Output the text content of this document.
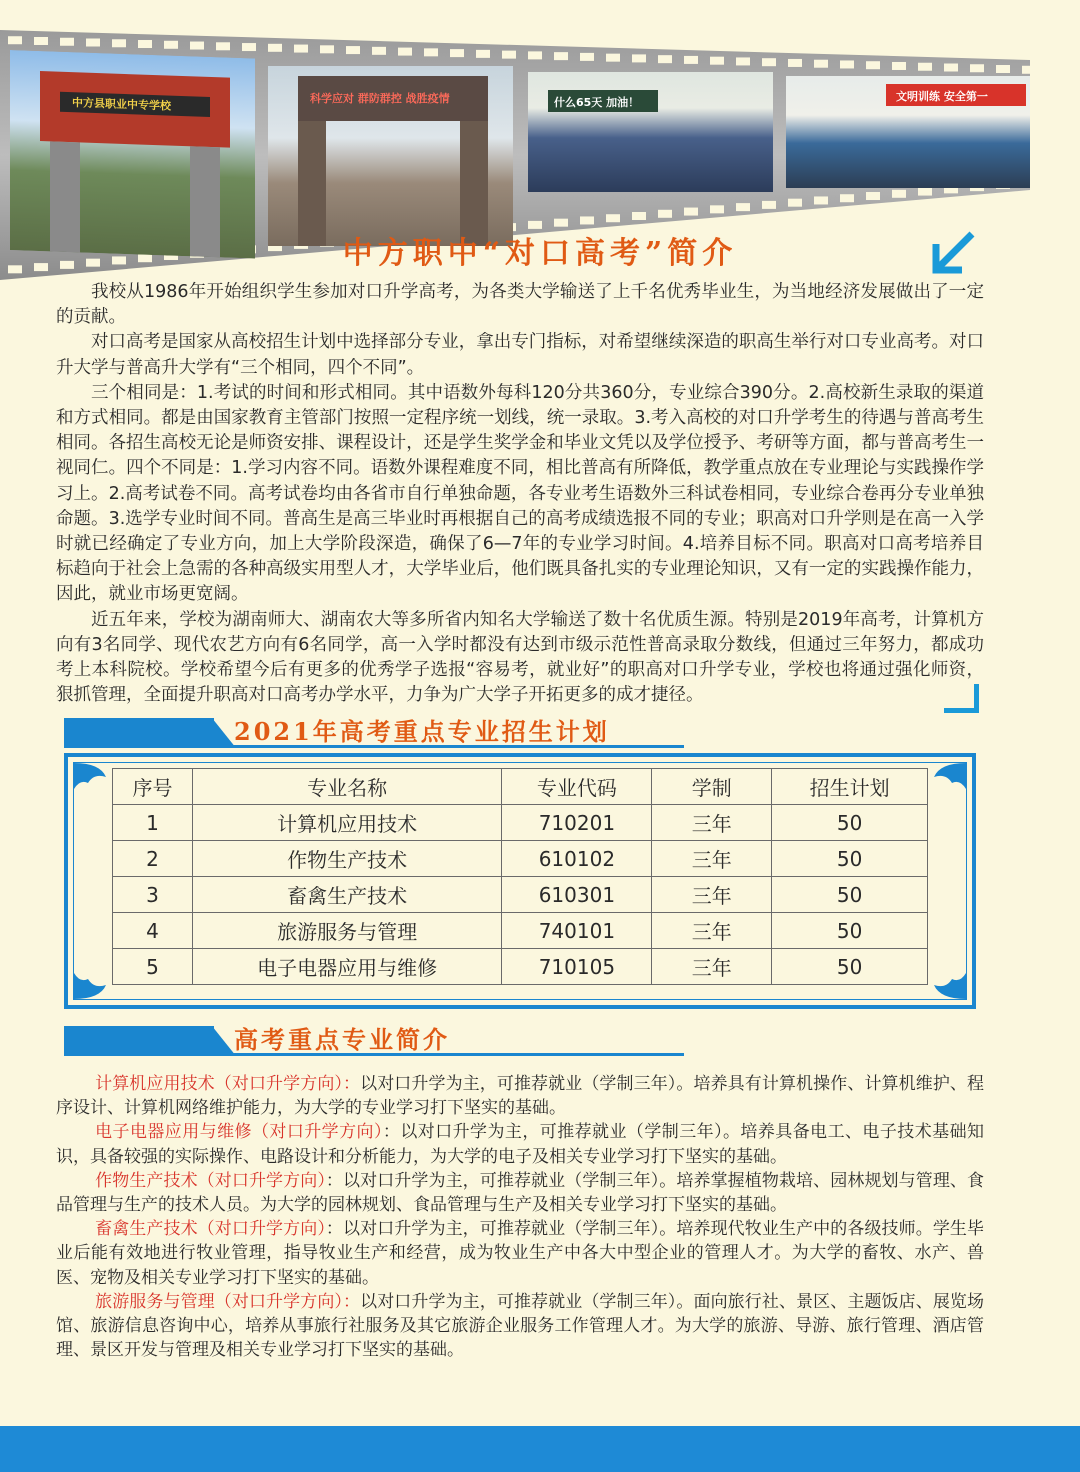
中方县职业中专学校	科学应对 群防群控 战胜疫情	什么65天 加油！	文明训练 安全第一
中方职中“对口高考”简介

我校从1986年开始组织学生参加对口升学高考，为各类大学输送了上千名优秀毕业生，为当地经济发展做出了一定的贡献。

对口高考是国家从高校招生计划中选择部分专业，拿出专门指标，对希望继续深造的职高生举行对口专业高考。对口升大学与普高升大学有“三个相同，四个不同”。

三个相同是：1.考试的时间和形式相同。其中语数外每科120分共360分，专业综合390分。2.高校新生录取的渠道和方式相同。都是由国家教育主管部门按照一定程序统一划线，统一录取。3.考入高校的对口升学考生的待遇与普高考生相同。各招生高校无论是师资安排、课程设计，还是学生奖学金和毕业文凭以及学位授予、考研等方面，都与普高考生一视同仁。四个不同是：1.学习内容不同。语数外课程难度不同，相比普高有所降低，教学重点放在专业理论与实践操作学习上。2.高考试卷不同。高考试卷均由各省市自行单独命题，各专业考生语数外三科试卷相同，专业综合卷再分专业单独命题。3.选学专业时间不同。普高生是高三毕业时再根据自己的高考成绩选报不同的专业；职高对口升学则是在高一入学时就已经确定了专业方向，加上大学阶段深造，确保了6—7年的专业学习时间。4.培养目标不同。职高对口高考培养目标趋向于社会上急需的各种高级实用型人才，大学毕业后，他们既具备扎实的专业理论知识，又有一定的实践操作能力，因此，就业市场更宽阔。

近五年来，学校为湖南师大、湖南农大等多所省内知名大学输送了数十名优质生源。特别是2019年高考，计算机方向有3名同学、现代农艺方向有6名同学，高一入学时都没有达到市级示范性普高录取分数线，但通过三年努力，都成功考上本科院校。学校希望今后有更多的优秀学子选报“容易考，就业好”的职高对口升学专业，学校也将通过强化师资，狠抓管理，全面提升职高对口高考办学水平，力争为广大学子开拓更多的成才捷径。

2021年高考重点专业招生计划
序号	专业名称	专业代码	学制	招生计划
1	计算机应用技术	710201	三年	50
2	作物生产技术	610102	三年	50
3	畜禽生产技术	610301	三年	50
4	旅游服务与管理	740101	三年	50
5	电子电器应用与维修	710105	三年	50
高考重点专业简介

计算机应用技术（对口升学方向）：以对口升学为主，可推荐就业（学制三年）。培养具有计算机操作、计算机维护、程序设计、计算机网络维护能力，为大学的专业学习打下坚实的基础。

电子电器应用与维修（对口升学方向）：以对口升学为主，可推荐就业（学制三年）。培养具备电工、电子技术基础知识，具备较强的实际操作、电路设计和分析能力，为大学的电子及相关专业学习打下坚实的基础。

作物生产技术（对口升学方向）：以对口升学为主，可推荐就业（学制三年）。培养掌握植物栽培、园林规划与管理、食品管理与生产的技术人员。为大学的园林规划、食品管理与生产及相关专业学习打下坚实的基础。

畜禽生产技术（对口升学方向）：以对口升学为主，可推荐就业（学制三年）。培养现代牧业生产中的各级技师。学生毕业后能有效地进行牧业管理，指导牧业生产和经营，成为牧业生产中各大中型企业的管理人才。为大学的畜牧、水产、兽医、宠物及相关专业学习打下坚实的基础。

旅游服务与管理（对口升学方向）：以对口升学为主，可推荐就业（学制三年）。面向旅行社、景区、主题饭店、展览场馆、旅游信息咨询中心，培养从事旅行社服务及其它旅游企业服务工作管理人才。为大学的旅游、导游、旅行管理、酒店管理、景区开发与管理及相关专业学习打下坚实的基础。
